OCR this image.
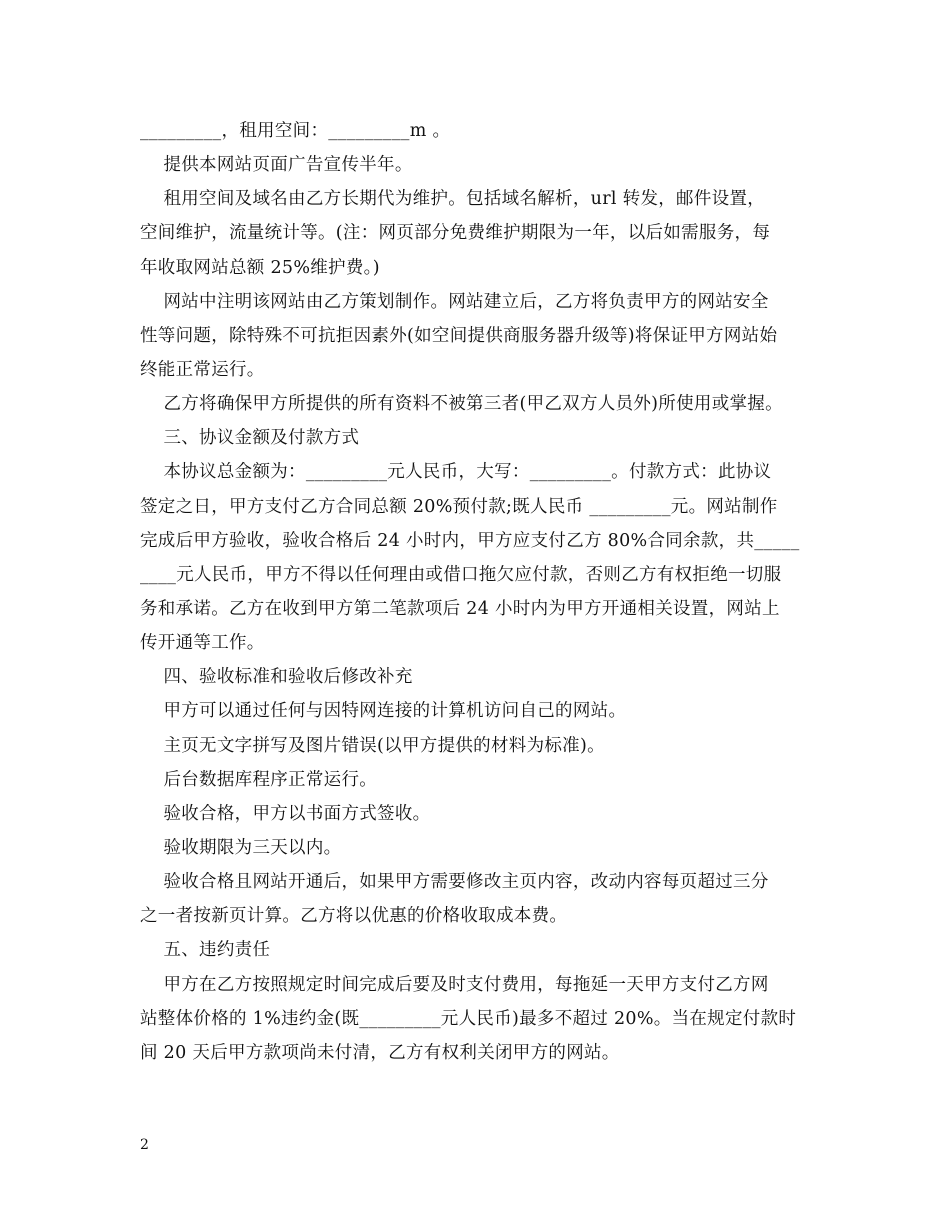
_________，租用空间：_________m 。
提供本网站页面广告宣传半年。
租用空间及域名由乙方长期代为维护。包括域名解析，url 转发，邮件设置，
空间维护，流量统计等。(注：网页部分免费维护期限为一年，以后如需服务，每
年收取网站总额 25%维护费。)
网站中注明该网站由乙方策划制作。网站建立后，乙方将负责甲方的网站安全
性等问题，除特殊不可抗拒因素外(如空间提供商服务器升级等)将保证甲方网站始
终能正常运行。
乙方将确保甲方所提供的所有资料不被第三者(甲乙双方人员外)所使用或掌握。
三、协议金额及付款方式
本协议总金额为：_________元人民币，大写：_________。付款方式：此协议
签定之日，甲方支付乙方合同总额 20%预付款;既人民币 _________元。网站制作
完成后甲方验收，验收合格后 24 小时内，甲方应支付乙方 80%合同余款，共_____
____元人民币，甲方不得以任何理由或借口拖欠应付款，否则乙方有权拒绝一切服
务和承诺。乙方在收到甲方第二笔款项后 24 小时内为甲方开通相关设置，网站上
传开通等工作。
四、验收标准和验收后修改补充
甲方可以通过任何与因特网连接的计算机访问自己的网站。
主页无文字拼写及图片错误(以甲方提供的材料为标准)。
后台数据库程序正常运行。
验收合格，甲方以书面方式签收。
验收期限为三天以内。
验收合格且网站开通后，如果甲方需要修改主页内容，改动内容每页超过三分
之一者按新页计算。乙方将以优惠的价格收取成本费。
五、违约责任
甲方在乙方按照规定时间完成后要及时支付费用，每拖延一天甲方支付乙方网
站整体价格的 1%违约金(既_________元人民币)最多不超过 20%。当在规定付款时
间 20 天后甲方款项尚未付清，乙方有权利关闭甲方的网站。
2
